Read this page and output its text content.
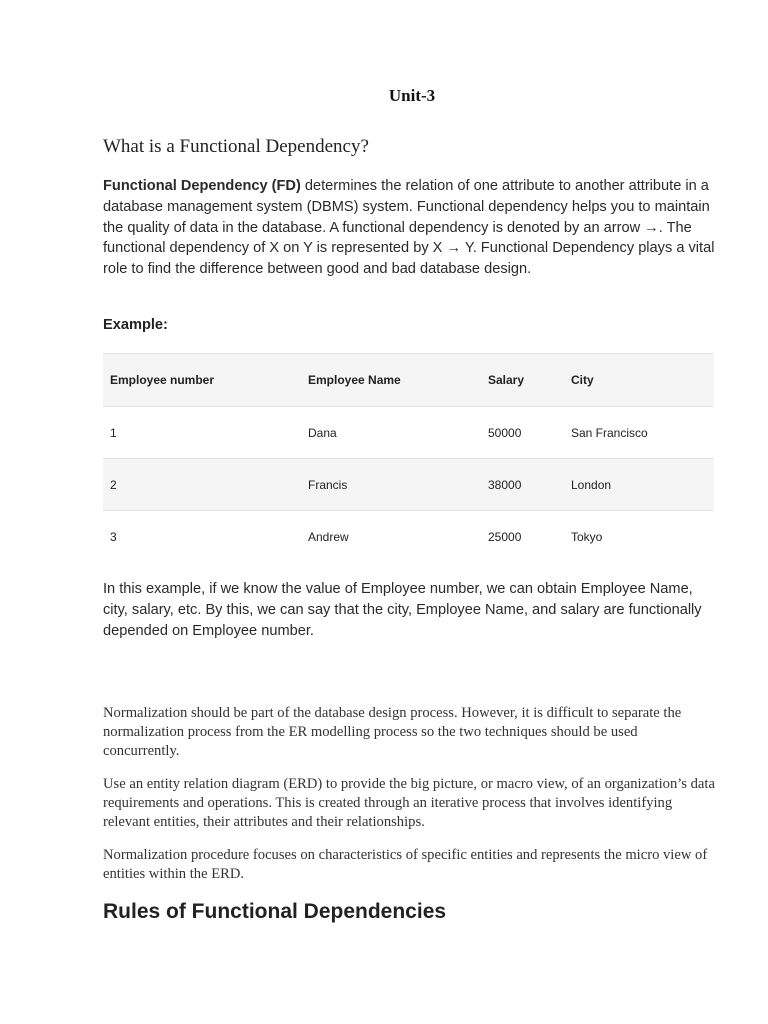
Unit-3
What is a Functional Dependency?

Functional Dependency (FD) determines the relation of one attribute to another attribute in a database management system (DBMS) system. Functional dependency helps you to maintain the quality of data in the database. A functional dependency is denoted by an arrow →. The functional dependency of X on Y is represented by X → Y. Functional Dependency plays a vital role to find the difference between good and bad database design.

Example:
Employee number	Employee Name	Salary	City
1	Dana	50000	San Francisco
2	Francis	38000	London
3	Andrew	25000	Tokyo

In this example, if we know the value of Employee number, we can obtain Employee Name, city, salary, etc. By this, we can say that the city, Employee Name, and salary are functionally depended on Employee number.

Normalization should be part of the database design process. However, it is difficult to separate the normalization process from the ER modelling process so the two techniques should be used concurrently.

Use an entity relation diagram (ERD) to provide the big picture, or macro view, of an organization’s data requirements and operations. This is created through an iterative process that involves identifying relevant entities, their attributes and their relationships.

Normalization procedure focuses on characteristics of specific entities and represents the micro view of entities within the ERD.

Rules of Functional Dependencies
